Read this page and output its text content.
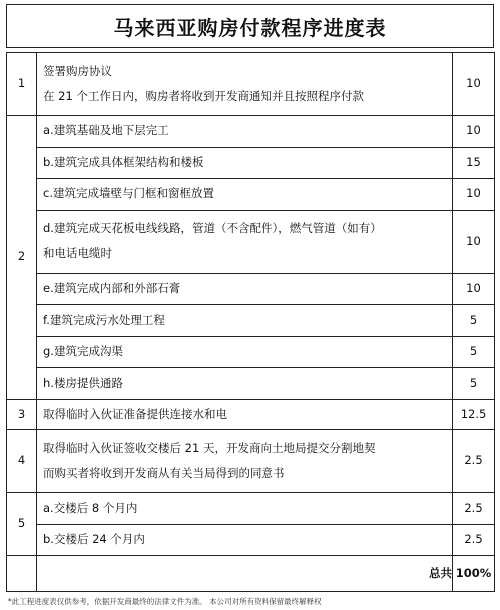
马来西亚购房付款程序进度表
1	签署购房协议
在 21 个工作日内，购房者将收到开发商通知并且按照程序付款	10
2	a.建筑基础及地下层完工	10

	b.建筑完成具体框架结构和楼板	15

	c.建筑完成墙壁与门框和窗框放置	10

	d.建筑完成天花板电线线路，管道（不含配件），燃气管道（如有）
和电话电缆时	10

	e.建筑完成内部和外部石膏	10

	f.建筑完成污水处理工程	5

	g.建筑完成沟渠	5

	h.楼房提供通路	5
3	取得临时入伙证准备提供连接水和电	12.5
4	取得临时入伙证签收交楼后 21 天，开发商向土地局提交分割地契
而购买者将收到开发商从有关当局得到的同意书	2.5
5	a.交楼后 8 个月内	2.5

	b.交楼后 24 个月内	2.5
	总共	100%
*此工程进度表仅供参考，依据开发商最终的法律文件为准。 本公司对所有资料保留最终解释权
